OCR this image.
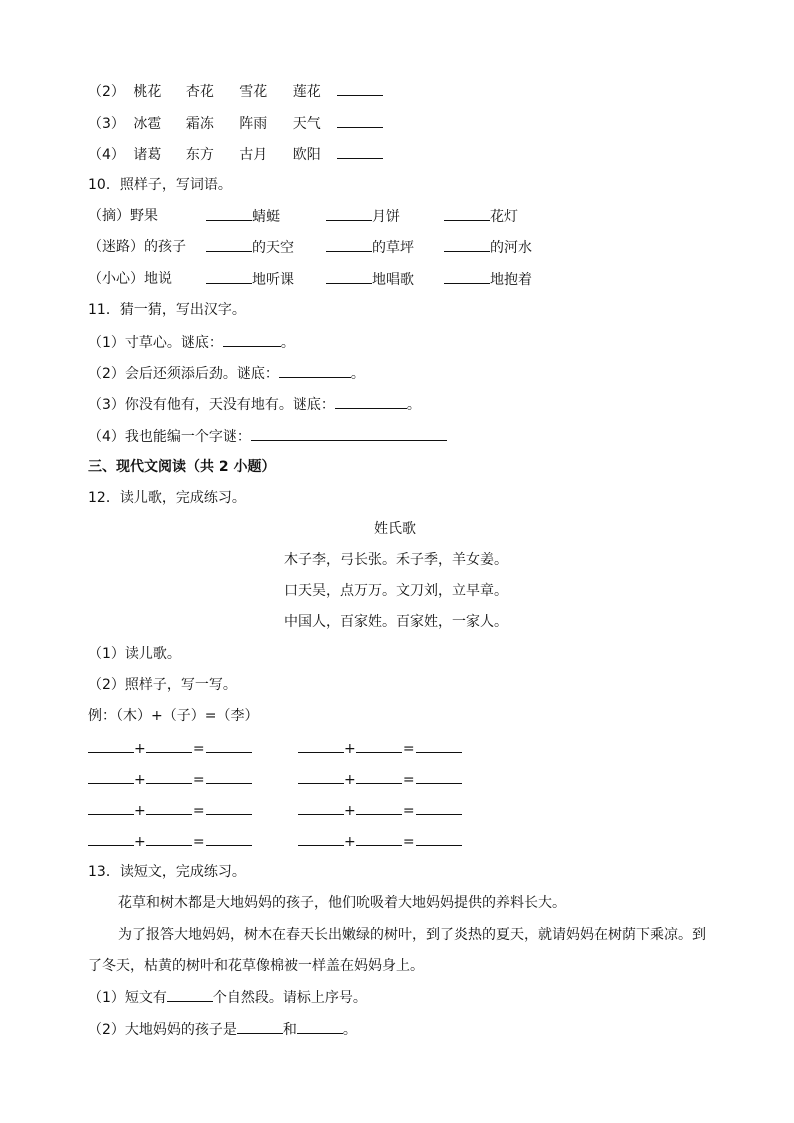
（2） 桃花 杏花 雪花 莲花
（3） 冰雹 霜冻 阵雨 天气
（4） 诸葛 东方 古月 欧阳
10．照样子，写词语。
（摘）野果	蜻蜓	月饼	花灯
（迷路）的孩子	的天空	的草坪	的河水
（小心）地说	地听课	地唱歌	地抱着
11．猜一猜，写出汉字。
（1）寸草心。谜底：	。
（2）会后还须添后劲。谜底：	。
（3）你没有他有，天没有地有。谜底：	。
（4）我也能编一个字谜：
三、现代文阅读（共 2 小题）
12．读儿歌，完成练习。
姓氏歌
木子李，弓长张。禾子季，羊女姜。
口天吴，点万万。文刀刘，立早章。
中国人，百家姓。百家姓，一家人。
（1）读儿歌。
（2）照样子，写一写。
例：（木）+（子）=（李）
+	=	+	=
+	=	+	=
+	=	+	=
+	=	+	=
13．读短文，完成练习。
花草和树木都是大地妈妈的孩子，他们吮吸着大地妈妈提供的养料长大。
为了报答大地妈妈，树木在春天长出嫩绿的树叶，到了炎热的夏天，就请妈妈在树荫下乘凉。到
了冬天，枯黄的树叶和花草像棉被一样盖在妈妈身上。
（1）短文有	个自然段。请标上序号。
（2）大地妈妈的孩子是	和	。
